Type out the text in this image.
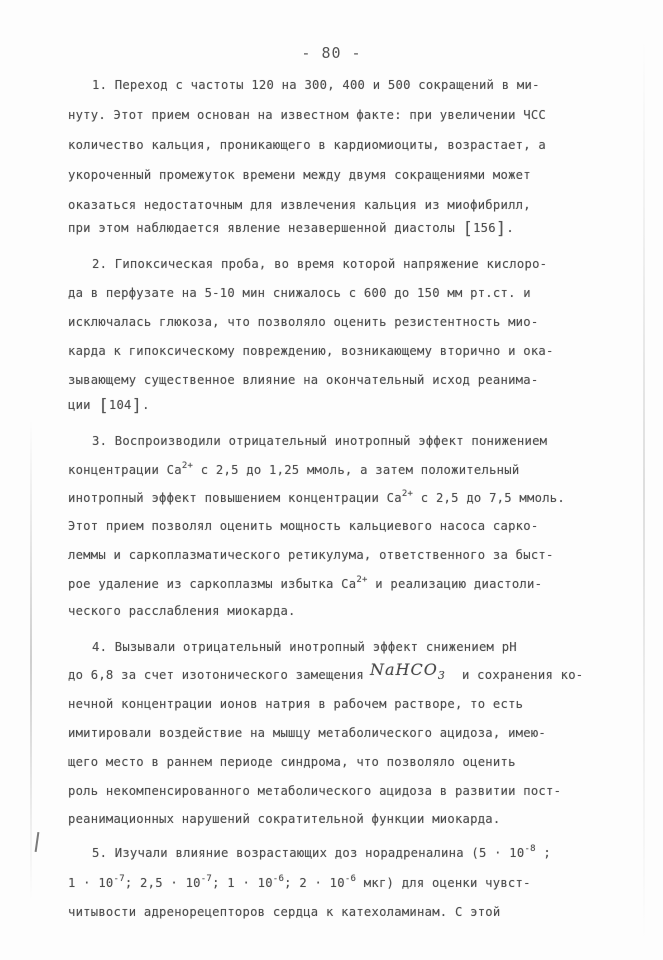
- 80 -
1. Переход с частоты 120 на 300, 400 и 500 сокращений в ми-
нуту. Этот прием основан на известном факте: при увеличении ЧСС
количество кальция, проникающего в кардиомиоциты, возрастает, а
укороченный промежуток времени между двумя сокращениями может
оказаться недостаточным для извлечения кальция из миофибрилл,
при этом наблюдается явление незавершенной диастолы [156].
2. Гипоксическая проба, во время которой напряжение кислоро-
да в перфузате на 5-10 мин снижалось с 600 до 150 мм рт.ст. и
исключалась глюкоза, что позволяло оценить резистентность мио-
карда к гипоксическому повреждению, возникающему вторично и ока-
зывающему существенное влияние на окончательный исход реанима-
ции [104].
3. Воспроизводили отрицательный инотропный эффект понижением
концентрации $Ca^{2+}$ с 2,5 до 1,25 ммоль, а затем положительный
инотропный эффект повышением концентрации $Ca^{2+}$ с 2,5 до 7,5 ммоль.
Этот прием позволял оценить мощность кальциевого насоса сарко-
леммы и саркоплазматического ретикулума, ответственного за быст-
рое удаление из саркоплазмы избытка $Ca^{2+}$ и реализацию диастоли-
ческого расслабления миокарда.
4. Вызывали отрицательный инотропный эффект снижением рН
до 6,8 за счет изотонического замещения NaHCO$_3$ и сохранения ко-
нечной концентрации ионов натрия в рабочем растворе, то есть
имитировали воздействие на мышцу метаболического ацидоза, имею-
щего место в раннем периоде синдрома, что позволяло оценить
роль некомпенсированного метаболического ацидоза в развитии пост-
реанимационных нарушений сократительной функции миокарда.
5. Изучали влияние возрастающих доз норадреналина ($5 \cdot 10^{-8}$ ;
$1 \cdot 10^{-7}$; $2,5 \cdot 10^{-7}$; $1 \cdot 10^{-6}$; $2 \cdot 10^{-6}$ мкг) для оценки чувст-
читывости адренорецепторов сердца к катехоламинам. С этой
